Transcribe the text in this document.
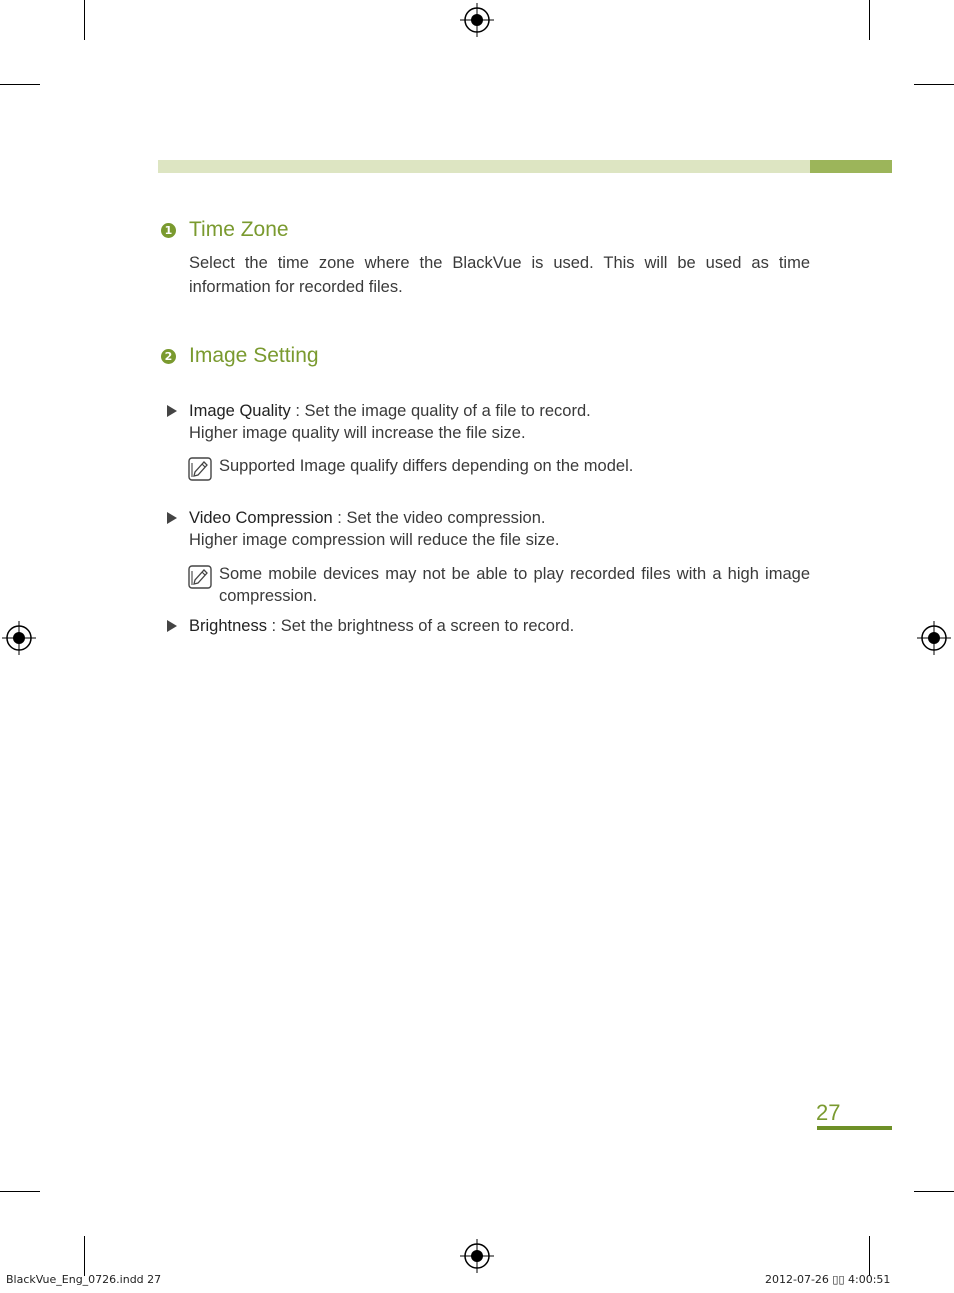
1 Time Zone
Select the time zone where the BlackVue is used. This will be used as time information for recorded files.
2 Image Setting
Image Quality : Set the image quality of a file to record.
Higher image quality will increase the file size.
Supported Image qualify differs depending on the model.
Video Compression : Set the video compression.
Higher image compression will reduce the file size.
Some mobile devices may not be able to play recorded files with a high image compression.
Brightness : Set the brightness of a screen to record.
27
BlackVue_Eng_0726.indd 27	2012-07-26 ▯▯ 4:00:51
